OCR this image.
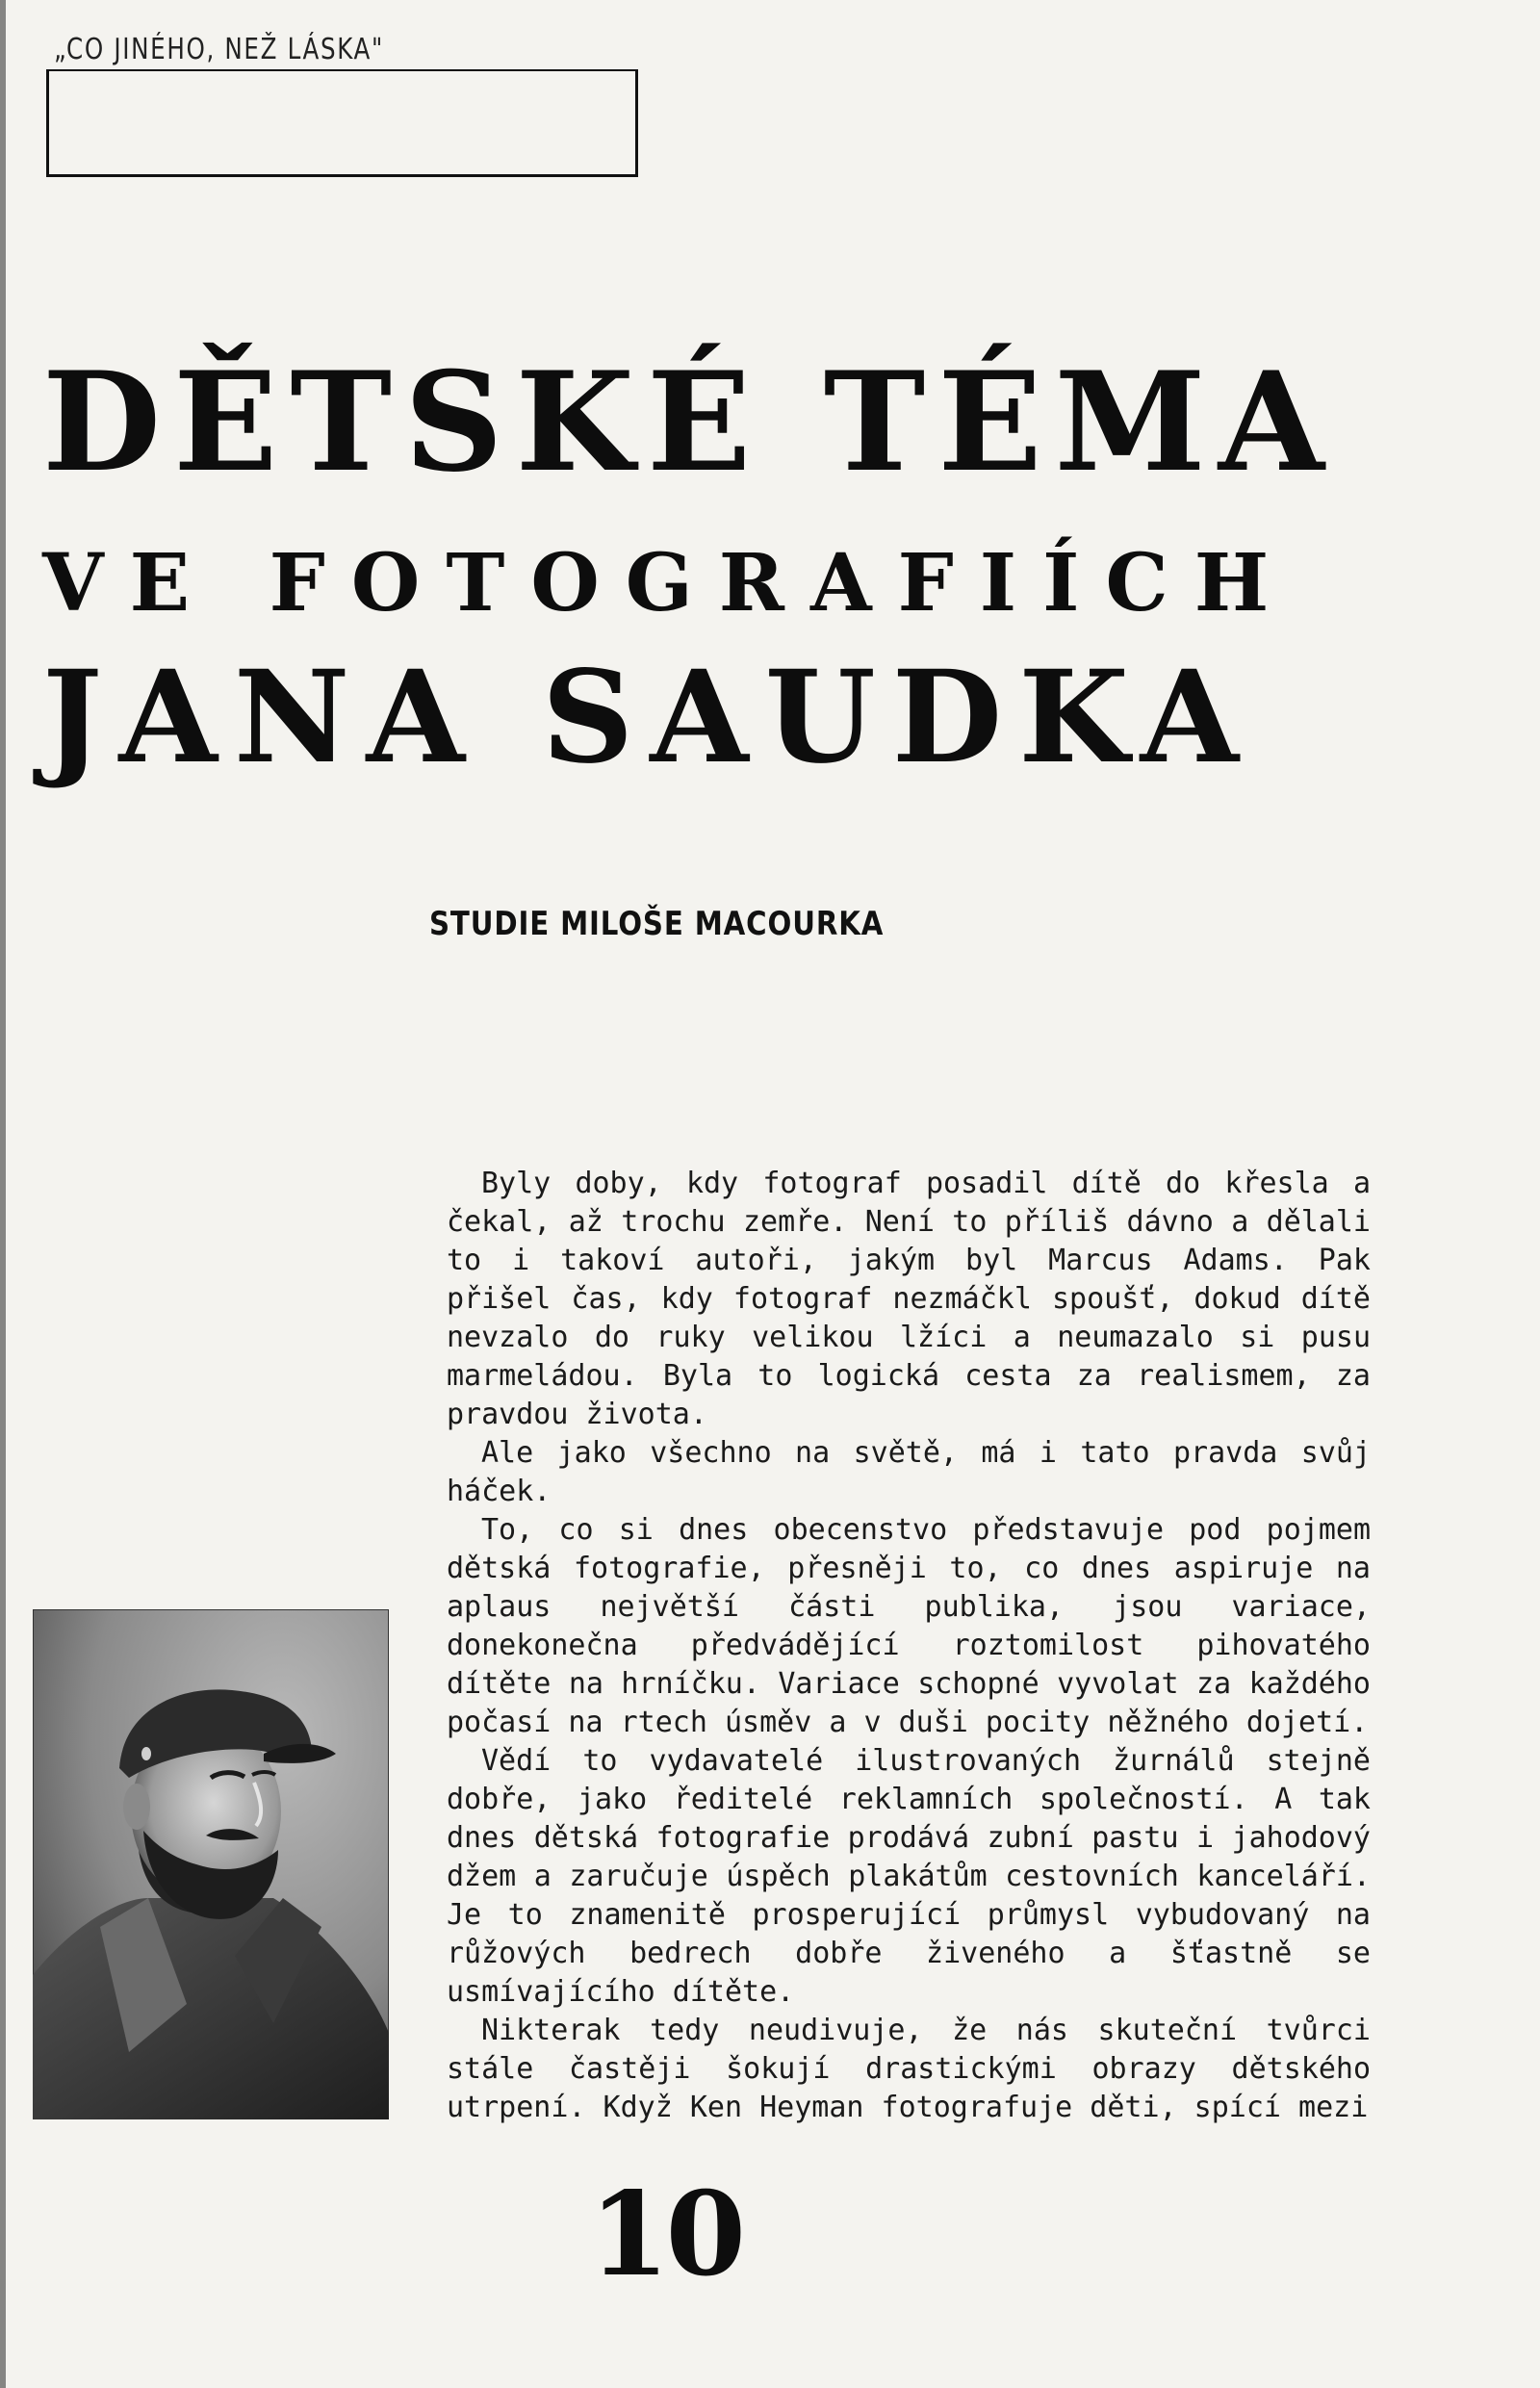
„CO JINÉHO, NEŽ LÁSKA"
DĚTSKÉ TÉMA
VE FOTOGRAFIÍCH
JANA SAUDKA
STUDIE MILOŠE MACOURKA

Byly doby, kdy fotograf posadil dítě do křesla a čekal, až trochu zemře. Není to příliš dávno a dělali to i takoví autoři, jakým byl Marcus Adams. Pak přišel čas, kdy fotograf nezmáčkl spoušť, dokud dítě nevzalo do ruky velikou lžíci a neumazalo si pusu marmeládou. Byla to logická cesta za realismem, za pravdou života.

Ale jako všechno na světě, má i tato pravda svůj háček.

To, co si dnes obecenstvo představuje pod pojmem dětská fotografie, přesněji to, co dnes aspiruje na aplaus největší části publika, jsou variace, donekonečna předvádějící roztomilost pihovatého dítěte na hrníčku. Variace schopné vyvolat za každého počasí na rtech úsměv a v duši pocity něžného dojetí.

Vědí to vydavatelé ilustrovaných žurnálů stejně dobře, jako ředitelé reklamních společností. A tak dnes dětská fotografie prodává zubní pastu i jahodový džem a zaručuje úspěch plakátům cestovních kanceláří. Je to znamenitě prosperující průmysl vybudovaný na růžových bedrech dobře živeného a šťastně se usmívajícího dítěte.

Nikterak tedy neudivuje, že nás skuteční tvůrci stále častěji šokují drastickými obrazy dětského utrpení. Když Ken Heyman fotografuje děti, spící mezi

10
